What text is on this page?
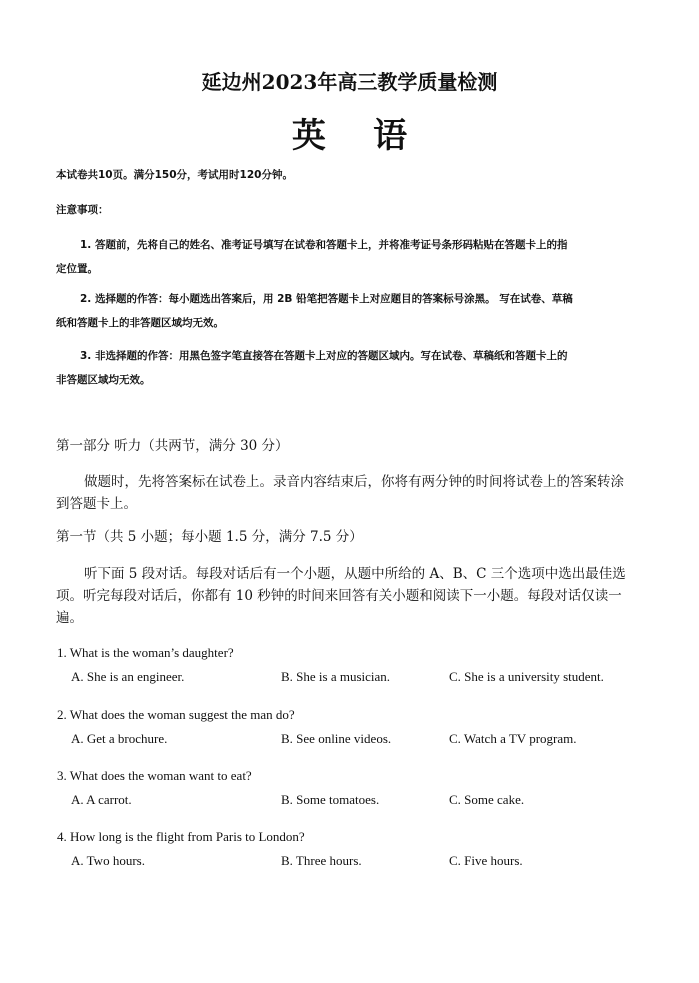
延边州2023年高三教学质量检测
英    语
本试卷共10页。满分150分，考试用时120分钟。
注意事项：
1. 答题前，先将自己的姓名、准考证号填写在试卷和答题卡上，并将准考证号条形码粘贴在答题卡上的指
定位置。
2. 选择题的作答：每小题选出答案后，用 2B 铅笔把答题卡上对应题目的答案标号涂黑。 写在试卷、草稿
纸和答题卡上的非答题区域均无效。
3. 非选择题的作答：用黑色签字笔直接答在答题卡上对应的答题区域内。写在试卷、草稿纸和答题卡上的
非答题区域均无效。
第一部分 听力（共两节，满分 30 分）
做题时，先将答案标在试卷上。录音内容结束后，你将有两分钟的时间将试卷上的答案转涂
到答题卡上。
第一节（共 5 小题；每小题 1.5 分，满分 7.5 分）
听下面 5 段对话。每段对话后有一个小题，从题中所给的 A、B、C 三个选项中选出最佳选
项。听完每段对话后，你都有 10 秒钟的时间来回答有关小题和阅读下一小题。每段对话仅读一
遍。
1. What is the woman’s daughter?
A. She is an engineer.	B. She is a musician.	C. She is a university student.
2. What does the woman suggest the man do?
A. Get a brochure.	B. See online videos.	C. Watch a TV program.
3. What does the woman want to eat?
A. A carrot.	B. Some tomatoes.	C. Some cake.
4. How long is the flight from Paris to London?
A. Two hours.	B. Three hours.	C. Five hours.
